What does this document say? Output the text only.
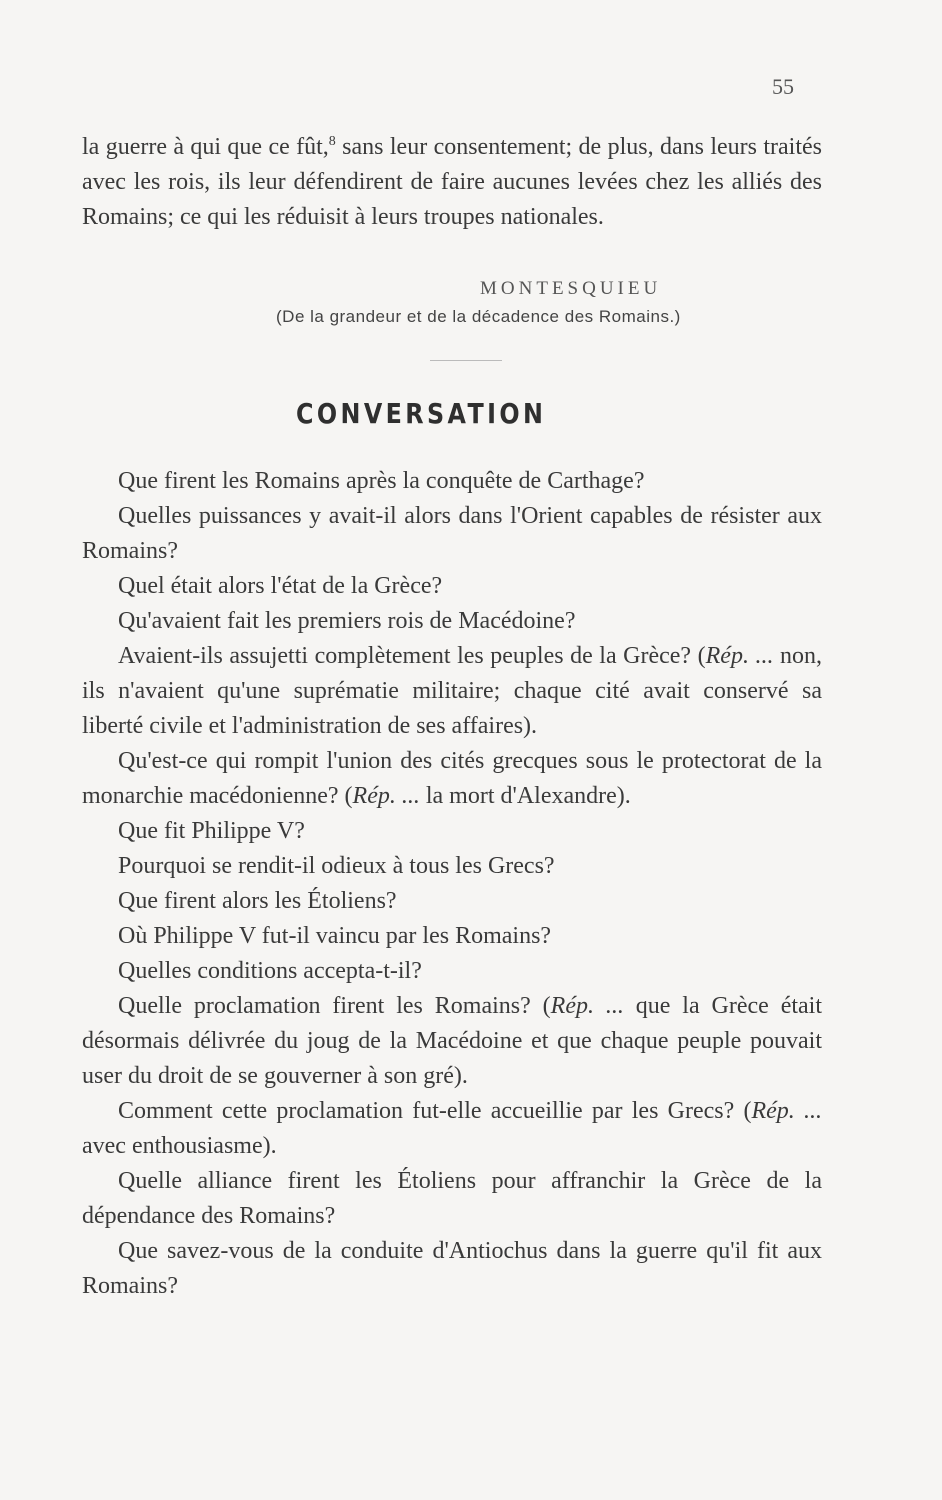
55

la guerre à qui que ce fût,$^8$ sans leur consentement; de plus, dans leurs traités avec les rois, ils leur défendirent de faire aucunes levées chez les alliés des Romains; ce qui les réduisit à leurs troupes nationales.

MONTESQUIEU
(De la grandeur et de la décadence des Romains.)
CONVERSATION

Que firent les Romains après la conquête de Carthage?

Quelles puissances y avait-il alors dans l'Orient capables de résister aux Romains?

Quel était alors l'état de la Grèce?

Qu'avaient fait les premiers rois de Macédoine?

Avaient-ils assujetti complètement les peuples de la Grèce? (Rép. ... non, ils n'avaient qu'une suprématie militaire; chaque cité avait conservé sa liberté civile et l'administration de ses affaires).

Qu'est-ce qui rompit l'union des cités grecques sous le protectorat de la monarchie macédonienne? (Rép. ... la mort d'Alexandre).

Que fit Philippe V?

Pourquoi se rendit-il odieux à tous les Grecs?

Que firent alors les Étoliens?

Où Philippe V fut-il vaincu par les Romains?

Quelles conditions accepta-t-il?

Quelle proclamation firent les Romains? (Rép. ... que la Grèce était désormais délivrée du joug de la Macédoine et que chaque peuple pouvait user du droit de se gouverner à son gré).

Comment cette proclamation fut-elle accueillie par les Grecs? (Rép. ... avec enthousiasme).

Quelle alliance firent les Étoliens pour affranchir la Grèce de la dépendance des Romains?

Que savez-vous de la conduite d'Antiochus dans la guerre qu'il fit aux Romains?
